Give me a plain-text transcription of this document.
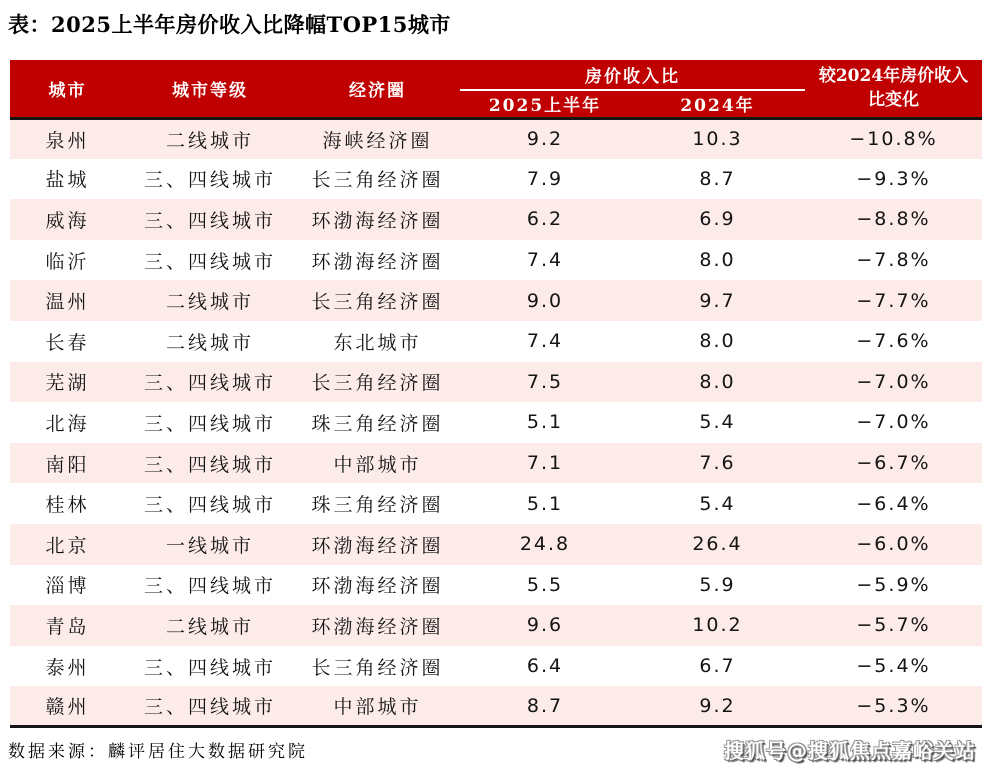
表：2025上半年房价收入比降幅TOP15城市
城市	城市等级	经济圈	房价收入比		较2024年房价收入比变化
			2025上半年	2024年	
泉州	二线城市	海峡经济圈	9.2	10.3	−10.8%
盐城	三、四线城市	长三角经济圈	7.9	8.7	−9.3%
威海	三、四线城市	环渤海经济圈	6.2	6.9	−8.8%
临沂	三、四线城市	环渤海经济圈	7.4	8.0	−7.8%
温州	二线城市	长三角经济圈	9.0	9.7	−7.7%
长春	二线城市	东北城市	7.4	8.0	−7.6%
芜湖	三、四线城市	长三角经济圈	7.5	8.0	−7.0%
北海	三、四线城市	珠三角经济圈	5.1	5.4	−7.0%
南阳	三、四线城市	中部城市	7.1	7.6	−6.7%
桂林	三、四线城市	珠三角经济圈	5.1	5.4	−6.4%
北京	一线城市	环渤海经济圈	24.8	26.4	−6.0%
淄博	三、四线城市	环渤海经济圈	5.5	5.9	−5.9%
青岛	二线城市	环渤海经济圈	9.6	10.2	−5.7%
泰州	三、四线城市	长三角经济圈	6.4	6.7	−5.4%
赣州	三、四线城市	中部城市	8.7	9.2	−5.3%
数据来源：麟评居住大数据研究院	搜狐号@搜狐焦点嘉峪关站
